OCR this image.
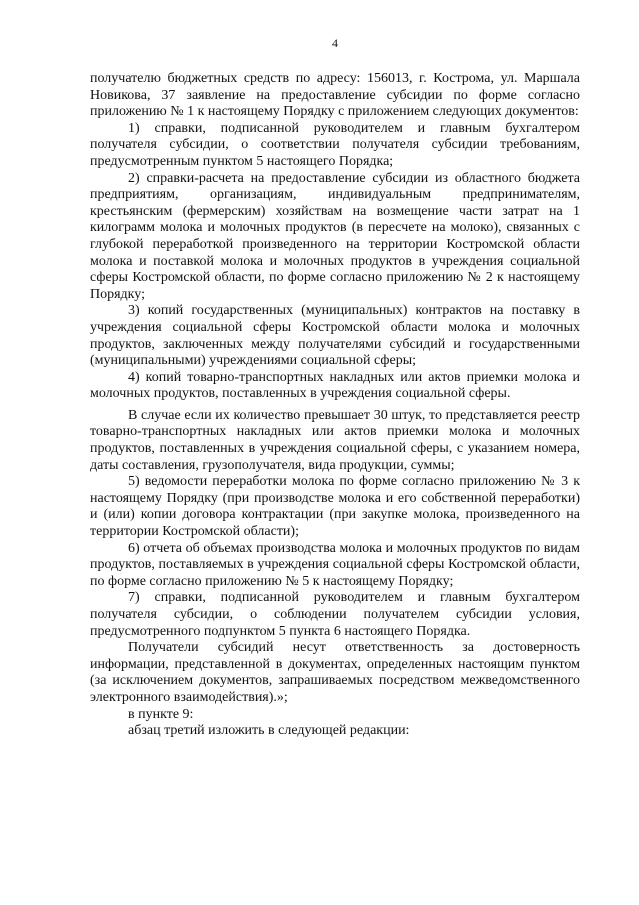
4

получателю бюджетных средств по адресу: 156013, г. Кострома, ул. Маршала Новикова, 37 заявление на предоставление субсидии по форме согласно приложению № 1 к настоящему Порядку с приложением следующих документов:

1) справки, подписанной руководителем и главным бухгалтером получателя субсидии, о соответствии получателя субсидии требованиям, предусмотренным пунктом 5 настоящего Порядка;

2) справки-расчета на предоставление субсидии из областного бюджета предприятиям, организациям, индивидуальным предпринимателям, крестьянским (фермерским) хозяйствам на возмещение части затрат на 1 килограмм молока и молочных продуктов (в пересчете на молоко), связанных с глубокой переработкой произведенного на территории Костромской области молока и поставкой молока и молочных продуктов в учреждения социальной сферы Костромской области, по форме согласно приложению № 2 к настоящему Порядку;

3) копий государственных (муниципальных) контрактов на поставку в учреждения социальной сферы Костромской области молока и молочных продуктов, заключенных между получателями субсидий и государственными (муниципальными) учреждениями социальной сферы;

4) копий товарно-транспортных накладных или актов приемки молока и молочных продуктов, поставленных в учреждения социальной сферы.

В случае если их количество превышает 30 штук, то представляется реестр товарно-транспортных накладных или актов приемки молока и молочных продуктов, поставленных в учреждения социальной сферы, с указанием номера, даты составления, грузополучателя, вида продукции, суммы;

5) ведомости переработки молока по форме согласно приложению № 3 к настоящему Порядку (при производстве молока и его собственной переработки) и (или) копии договора контрактации (при закупке молока, произведенного на территории Костромской области);

6) отчета об объемах производства молока и молочных продуктов по видам продуктов, поставляемых в учреждения социальной сферы Костромской области, по форме согласно приложению № 5 к настоящему Порядку;

7) справки, подписанной руководителем и главным бухгалтером получателя субсидии, о соблюдении получателем субсидии условия, предусмотренного подпунктом 5 пункта 6 настоящего Порядка.

Получатели субсидий несут ответственность за достоверность информации, представленной в документах, определенных настоящим пунктом (за исключением документов, запрашиваемых посредством межведомственного электронного взаимодействия).»;

в пункте 9:

абзац третий изложить в следующей редакции:
